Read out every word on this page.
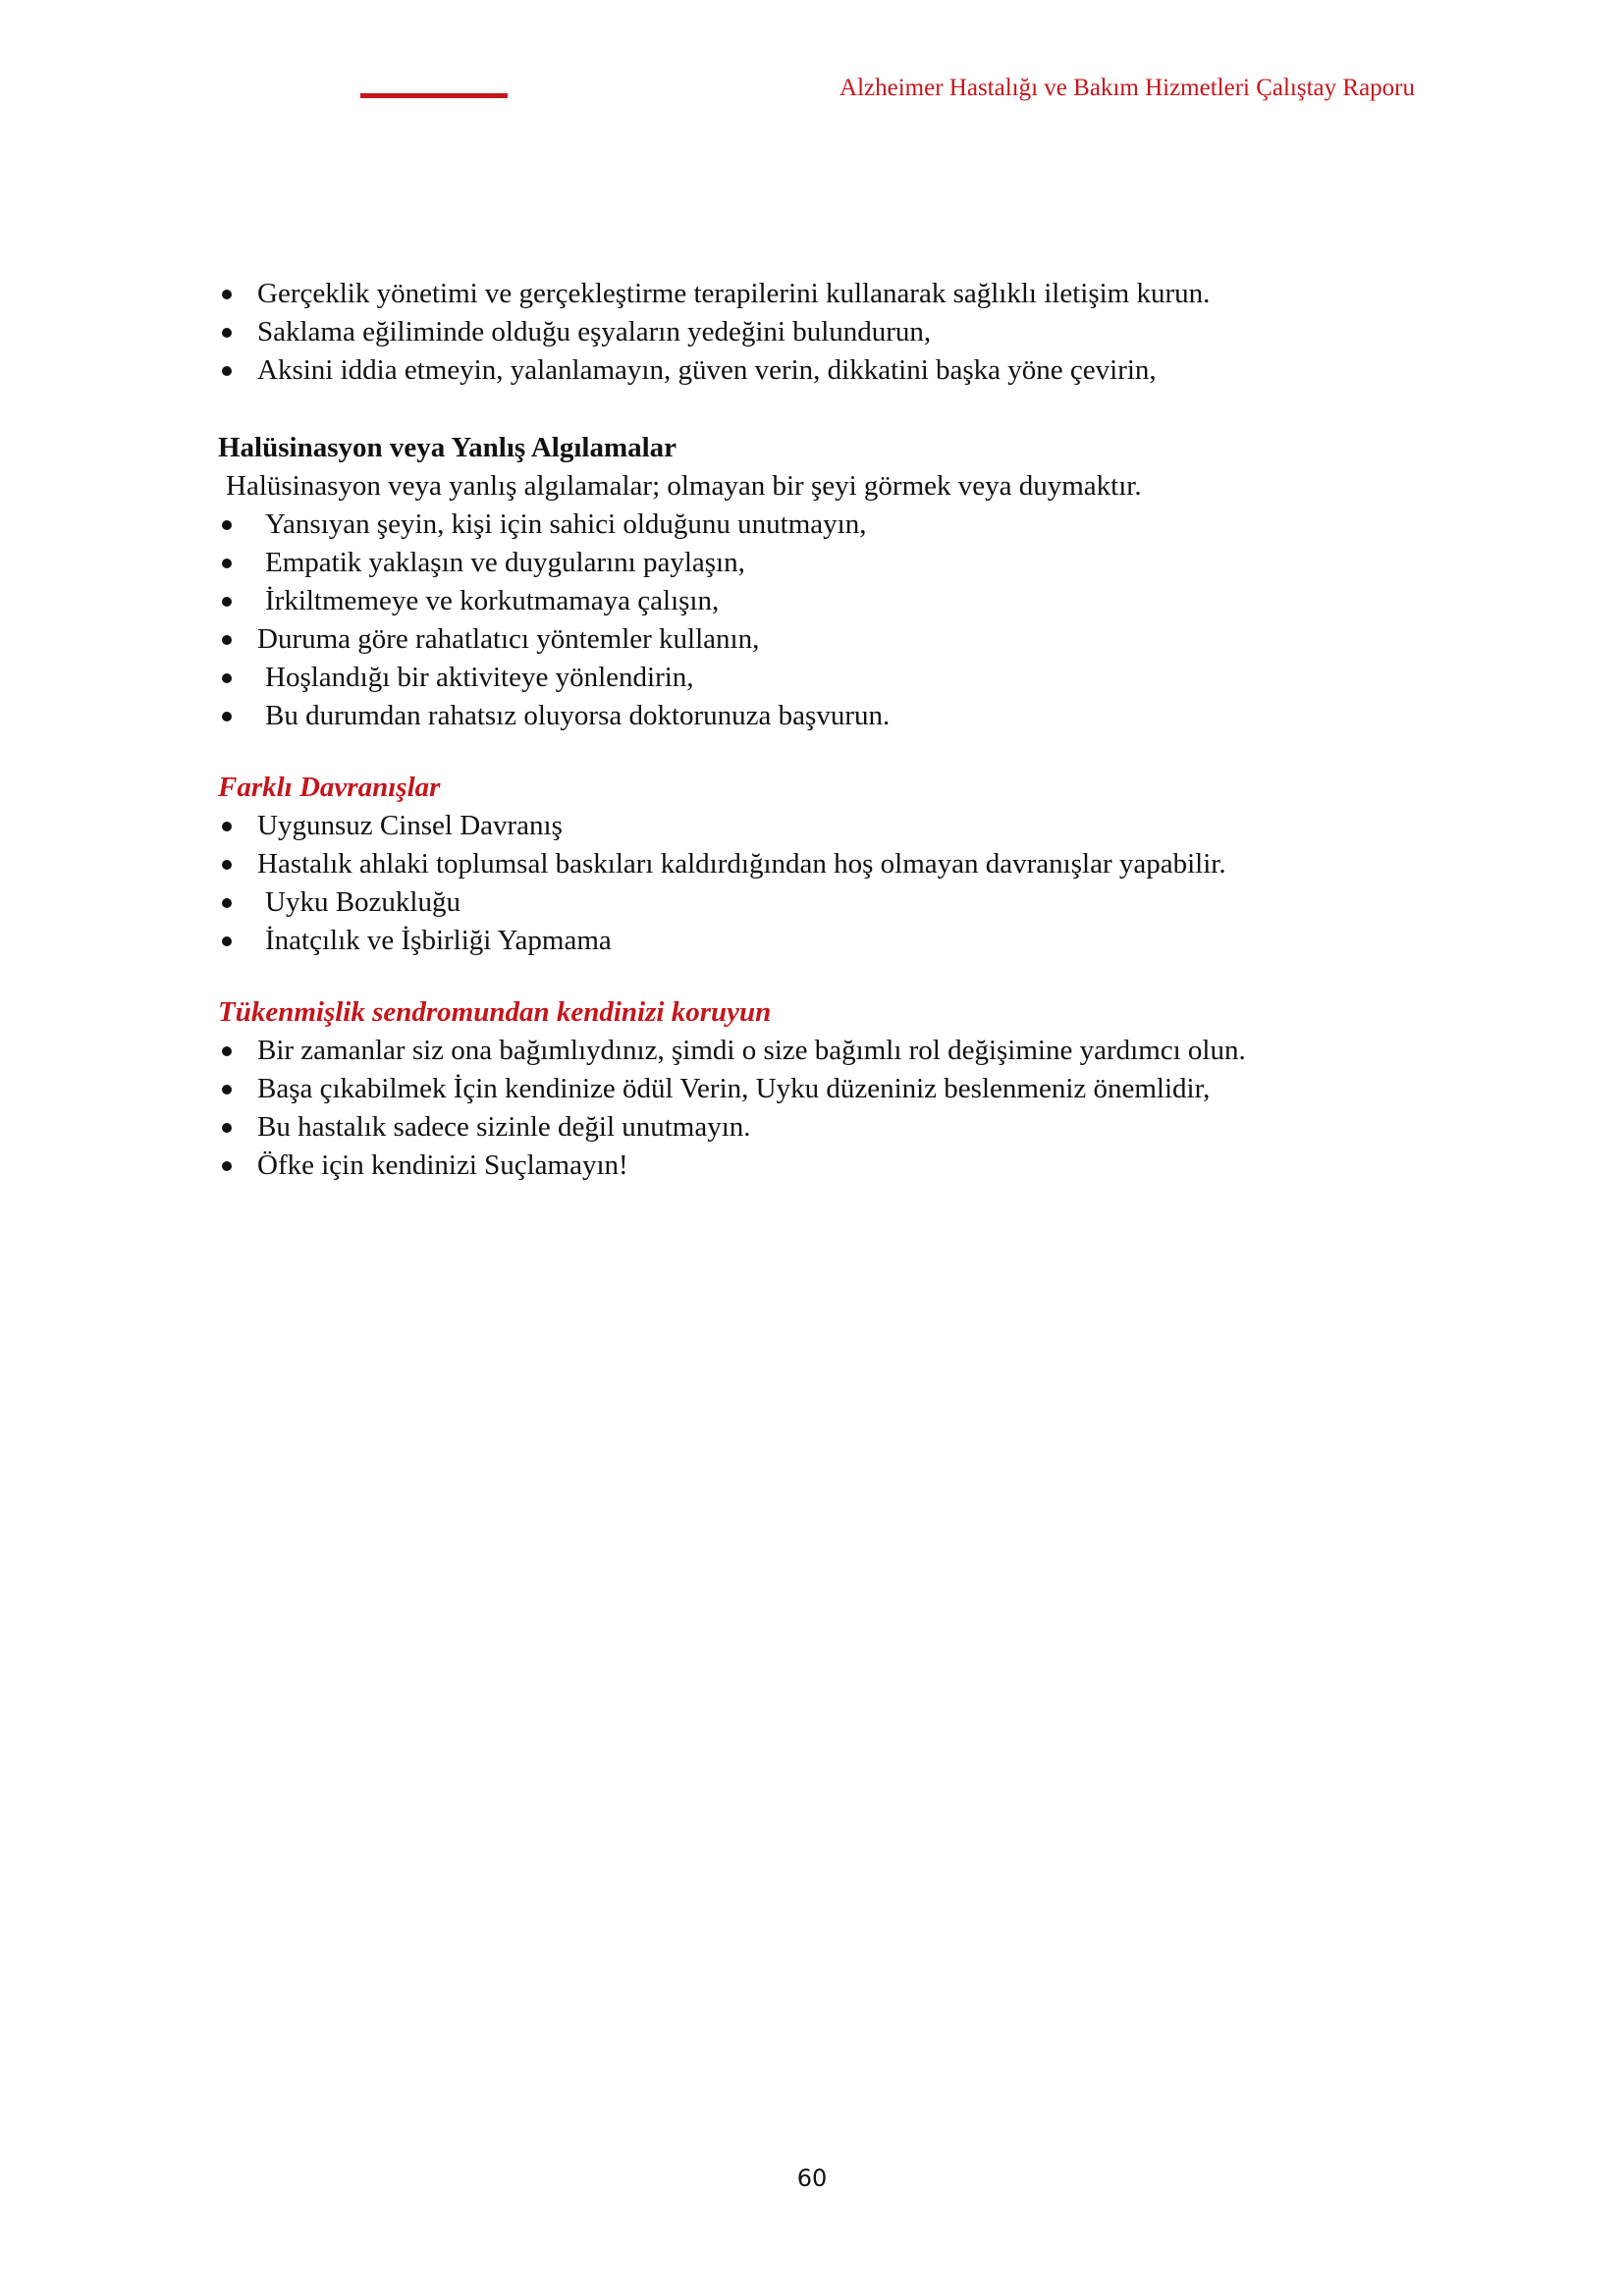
Alzheimer Hastalığı ve Bakım Hizmetleri Çalıştay Raporu
Gerçeklik yönetimi ve gerçekleştirme terapilerini kullanarak sağlıklı iletişim kurun.
Saklama eğiliminde olduğu eşyaların yedeğini bulundurun,
Aksini iddia etmeyin, yalanlamayın, güven verin, dikkatini başka yöne çevirin,
Halüsinasyon veya Yanlış Algılamalar
Halüsinasyon veya yanlış algılamalar; olmayan bir şeyi görmek veya duymaktır.
Yansıyan şeyin, kişi için sahici olduğunu unutmayın,
Empatik yaklaşın ve duygularını paylaşın,
İrkiltmemeye ve korkutmamaya çalışın,
Duruma göre rahatlatıcı yöntemler kullanın,
Hoşlandığı bir aktiviteye yönlendirin,
Bu durumdan rahatsız oluyorsa doktorunuza başvurun.
Farklı Davranışlar
Uygunsuz Cinsel Davranış
Hastalık ahlaki toplumsal baskıları kaldırdığından hoş olmayan davranışlar yapabilir.
Uyku Bozukluğu
İnatçılık ve İşbirliği Yapmama
Tükenmişlik sendromundan kendinizi koruyun
Bir zamanlar siz ona bağımlıydınız, şimdi o size bağımlı rol değişimine yardımcı olun.
Başa çıkabilmek İçin kendinize ödül Verin, Uyku düzeniniz beslenmeniz önemlidir,
Bu hastalık sadece sizinle değil unutmayın.
Öfke için kendinizi Suçlamayın!
60
